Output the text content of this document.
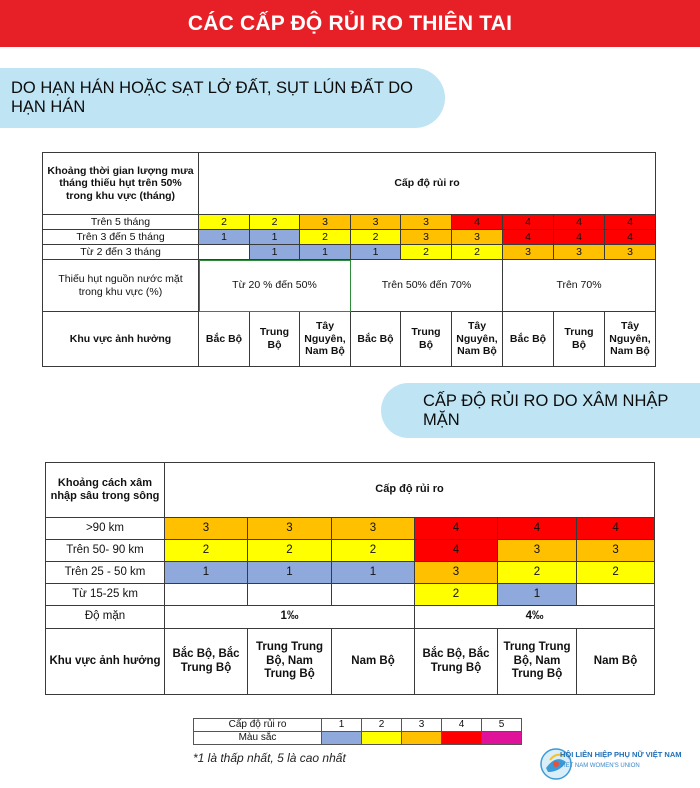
CÁC CẤP ĐỘ RỦI RO THIÊN TAI
DO HẠN HÁN HOẶC SẠT LỞ ĐẤT, SỤT LÚN ĐẤT DO HẠN HÁN
Khoảng thời gian lượng mưa tháng thiếu hụt trên 50% trong khu vực (tháng)	Cấp độ rủi ro								
Trên 5 tháng	2	2	3	3	3	4	4	4	4
Trên 3 đến 5 tháng	1	1	2	2	3	3	4	4	4
Từ 2 đến 3 tháng		1	1	1	2	2	3	3	3
Thiếu hụt nguồn nước mặt trong khu vực (%)	Từ 20 % đến 50%			Trên 50% đến 70%			Trên 70%		
Khu vực ảnh hưởng	Bắc Bộ	Trung Bộ	Tây Nguyên, Nam Bộ	Bắc Bộ	Trung Bộ	Tây Nguyên, Nam Bộ	Bắc Bộ	Trung Bộ	Tây Nguyên, Nam Bộ
CẤP ĐỘ RỦI RO DO XÂM NHẬP MẶN
Khoảng cách xâm nhập sâu trong sông	Cấp độ rủi ro					
>90 km	3	3	3	4	4	4
Trên 50- 90 km	2	2	2	4	3	3
Trên 25 - 50 km	1	1	1	3	2	2
Từ 15-25 km				2	1	
Độ mặn	1‰			4‰		
Khu vực ảnh hưởng	Bắc Bộ, Bắc Trung Bộ	Trung Trung Bộ, Nam Trung Bộ	Nam Bộ	Bắc Bộ, Bắc Trung Bộ	Trung Trung Bộ, Nam Trung Bộ	Nam Bộ
Cấp độ rủi ro	1	2	3	4	5
Màu sắc					
*1 là thấp nhất, 5 là cao nhất	HỘI LIÊN HIỆP PHỤ NỮ VIỆT NAM
VIET NAM WOMEN'S UNION
